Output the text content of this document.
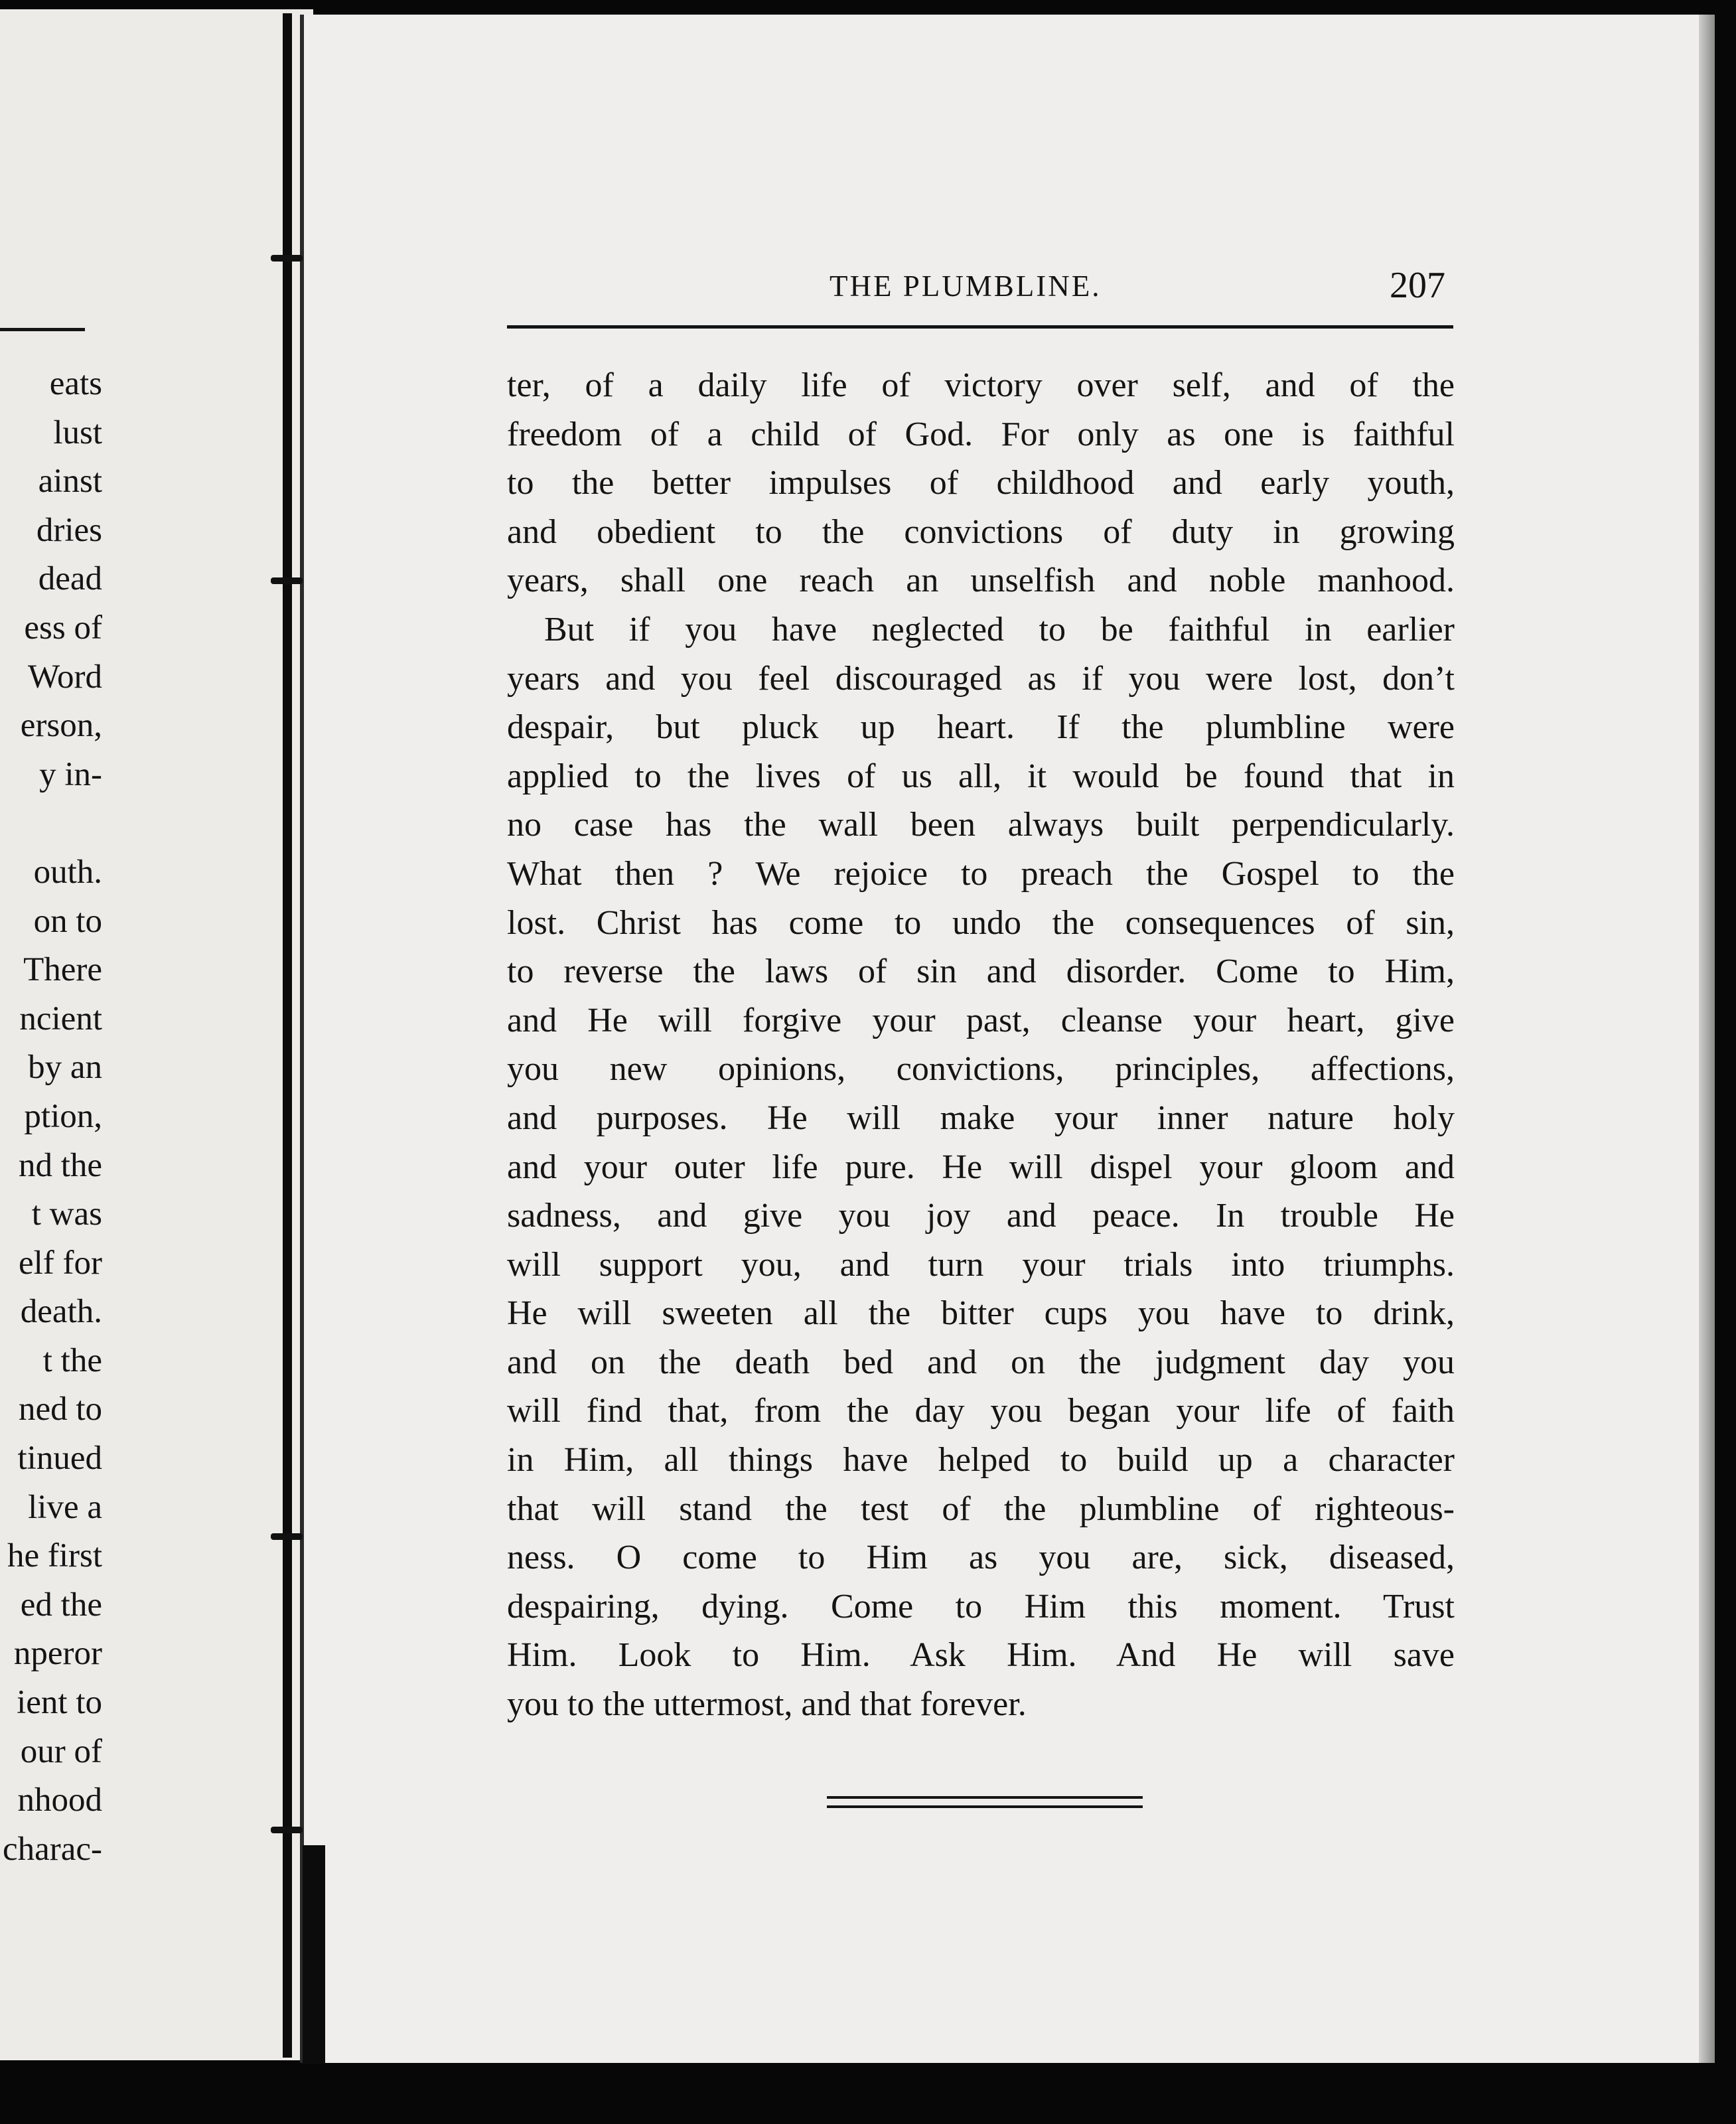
eats
lust
ainst
dries
dead
ess of
Word
erson,
y in-

outh.
on to
There
ncient
by an
ption,
nd the
t was
elf for
death.
t the
ned to
tinued
live a
he first
ed the
nperor
ient to
our of
nhood
charac-
THE PLUMBLINE.	207
ter, of a daily life of victory over self, and of the
freedom of a child of God. For only as one is faithful
to the better impulses of childhood and early youth,
and obedient to the convictions of duty in growing
years, shall one reach an unselfish and noble manhood.
But if you have neglected to be faithful in earlier
years and you feel discouraged as if you were lost, don’t
despair, but pluck up heart. If the plumbline were
applied to the lives of us all, it would be found that in
no case has the wall been always built perpendicularly.
What then ? We rejoice to preach the Gospel to the
lost. Christ has come to undo the consequences of sin,
to reverse the laws of sin and disorder. Come to Him,
and He will forgive your past, cleanse your heart, give
you new opinions, convictions, principles, affections,
and purposes. He will make your inner nature holy
and your outer life pure. He will dispel your gloom and
sadness, and give you joy and peace. In trouble He
will support you, and turn your trials into triumphs.
He will sweeten all the bitter cups you have to drink,
and on the death bed and on the judgment day you
will find that, from the day you began your life of faith
in Him, all things have helped to build up a character
that will stand the test of the plumbline of righteous-
ness. O come to Him as you are, sick, diseased,
despairing, dying. Come to Him this moment. Trust
Him. Look to Him. Ask Him. And He will save
you to the uttermost, and that forever.
